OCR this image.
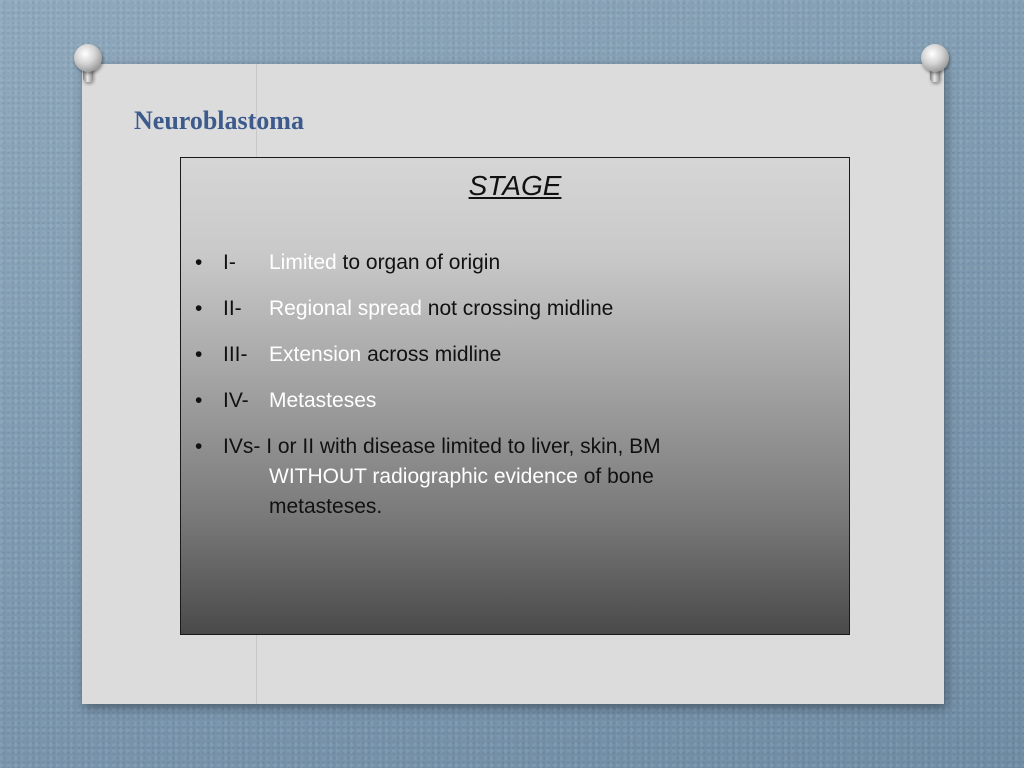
Neuroblastoma
STAGE
• I- Limited to organ of origin
• II- Regional spread not crossing midline
• III- Extension across midline
• IV- Metasteses
• IVs- I or II with disease limited to liver, skin, BM
WITHOUT radiographic evidence of bone
metasteses.
